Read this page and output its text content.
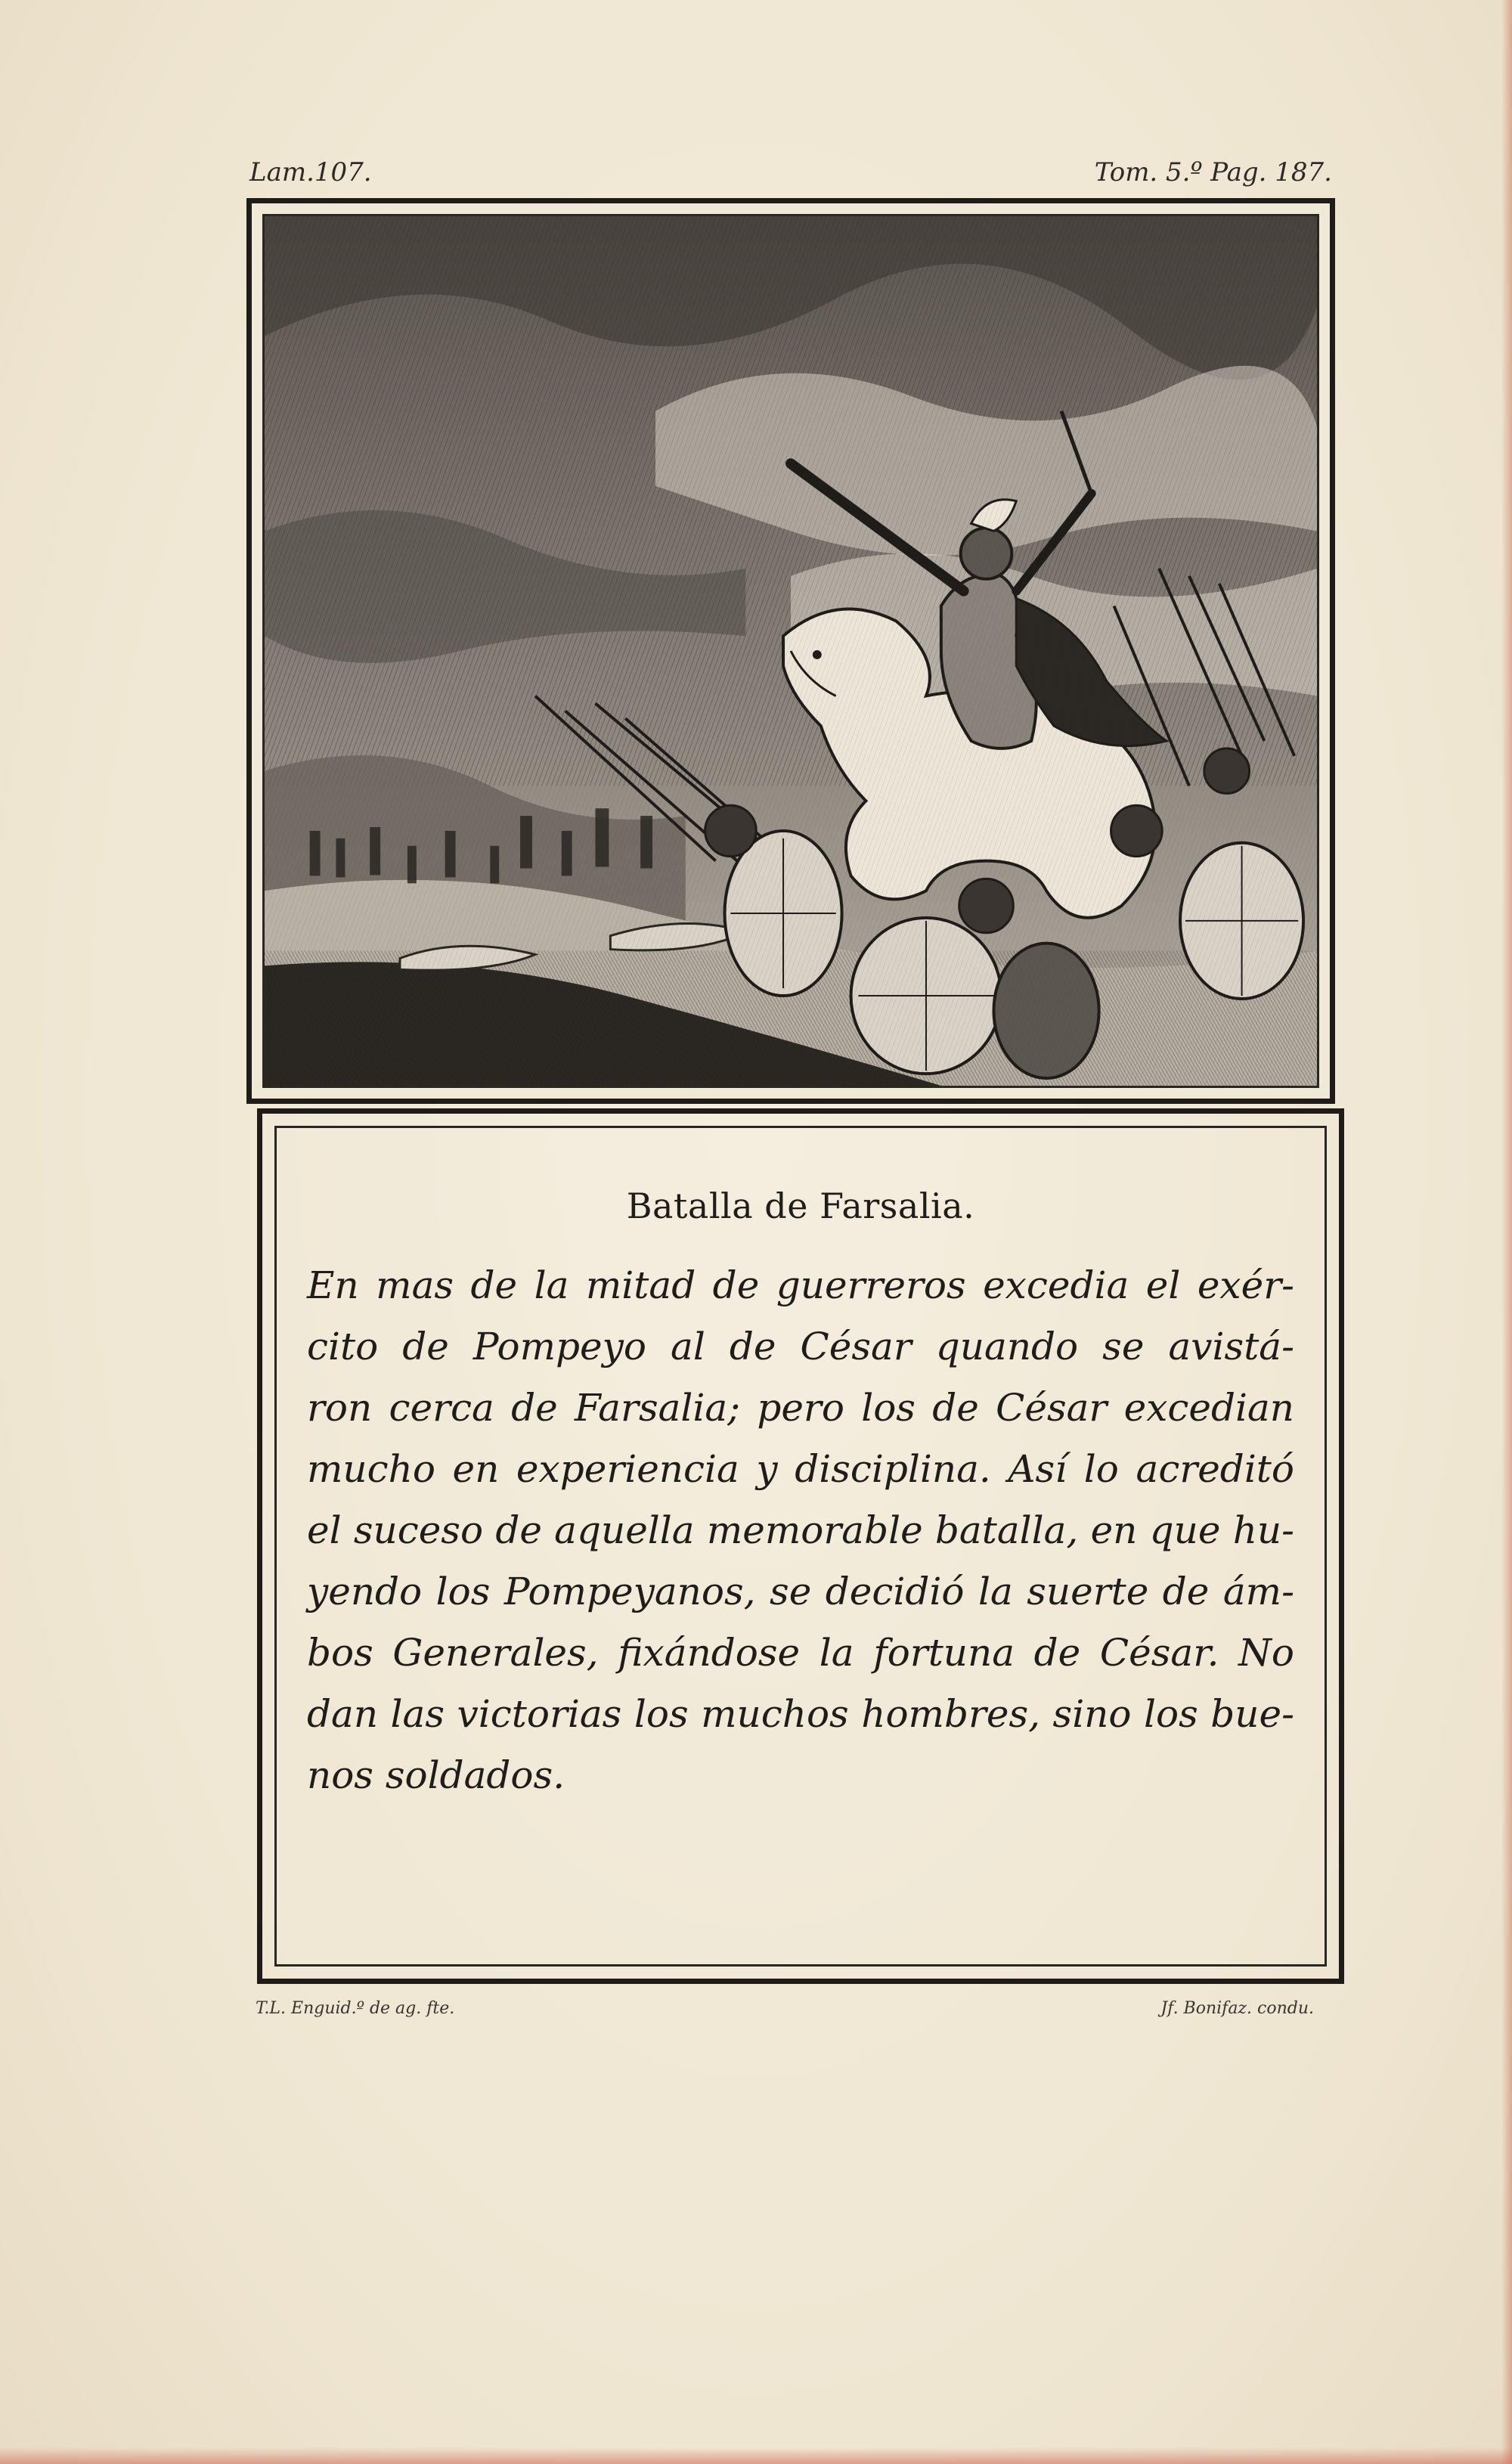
Lam.107.	Tom. 5.º Pag. 187.

Batalla de Farsalia.

En mas de la mitad de guerreros excedia el exér-

cito de Pompeyo al de César quando se avistá-

ron cerca de Farsalia; pero los de César excedian

mucho en experiencia y disciplina. Así lo acreditó

el suceso de aquella memorable batalla, en que hu-

yendo los Pompeyanos, se decidió la suerte de ám-

bos Generales, fixándose la fortuna de César. No

dan las victorias los muchos hombres, sino los bue-

nos soldados.

T.L. Enguid.º de ag. fte.	Jf. Bonifaz. condu.
